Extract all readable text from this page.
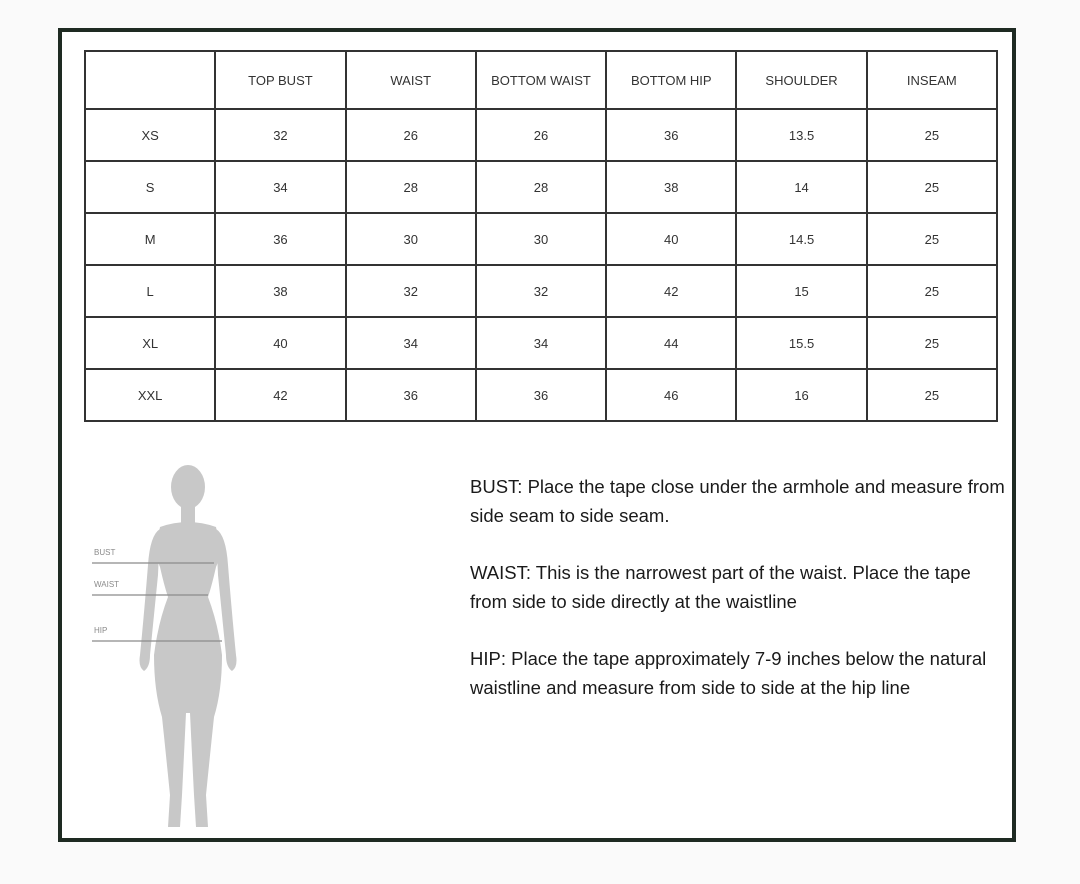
	TOP BUST	WAIST	BOTTOM WAIST	BOTTOM HIP	SHOULDER	INSEAM
XS	32	26	26	36	13.5	25
S	34	28	28	38	14	25
M	36	30	30	40	14.5	25
L	38	32	32	42	15	25
XL	40	34	34	44	15.5	25
XXL	42	36	36	46	16	25
BUST
WAIST
HIP

BUST: Place the tape close under the armhole and measure from side seam to side seam.

WAIST: This is the narrowest part of the waist. Place the tape from side to side directly at the waistline

HIP: Place the tape approximately 7-9 inches below the natural waistline and measure from side to side at the hip line
